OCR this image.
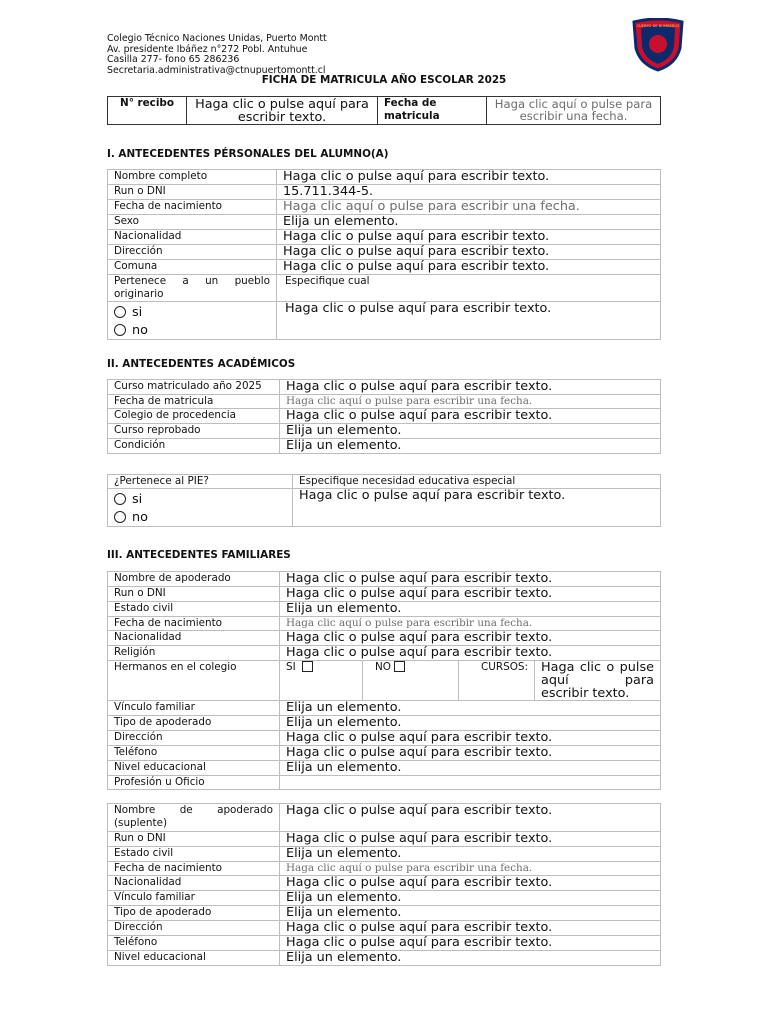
Colegio Técnico Naciones Unidas, Puerto Montt
Av. presidente Ibáñez n°272 Pobl. Antuhue
Casilla 277- fono 65 286236
Secretaria.administrativa@ctnupuertomontt.cl
CUERPO DE BOMBEROS
FICHA DE MATRICULA AÑO ESCOLAR 2025
N° recibo	Haga clic o pulse aquí para escribir texto.	Fecha de matricula	Haga clic aquí o pulse para escribir una fecha.
I. ANTECEDENTES PÉRSONALES DEL ALUMNO(A)
Nombre completo	Haga clic o pulse aquí para escribir texto.
Run o DNI	15.711.344-5.
Fecha de nacimiento	Haga clic aquí o pulse para escribir una fecha.
Sexo	Elija un elemento.
Nacionalidad	Haga clic o pulse aquí para escribir texto.
Dirección	Haga clic o pulse aquí para escribir texto.
Comuna	Haga clic o pulse aquí para escribir texto.

Pertenece a un pueblo
originario	Especifique cual

si
no	Haga clic o pulse aquí para escribir texto.
II. ANTECEDENTES ACADÉMICOS
Curso matriculado año 2025	Haga clic o pulse aquí para escribir texto.
Fecha de matricula	Haga clic aquí o pulse para escribir una fecha.
Colegio de procedencia	Haga clic o pulse aquí para escribir texto.
Curso reprobado	Elija un elemento.
Condición	Elija un elemento.
¿Pertenece al PIE?	Especifique necesidad educativa especial

si
no	Haga clic o pulse aquí para escribir texto.
III. ANTECEDENTES FAMILIARES
Nombre de apoderado	Haga clic o pulse aquí para escribir texto.			
Run o DNI	Haga clic o pulse aquí para escribir texto.			
Estado civil	Elija un elemento.			
Fecha de nacimiento	Haga clic aquí o pulse para escribir una fecha.			
Nacionalidad	Haga clic o pulse aquí para escribir texto.			
Religión	Haga clic o pulse aquí para escribir texto.			
Hermanos en el colegio	SI	NO	CURSOS:	Haga clic o pulse
aquí para
escribir texto.

Vínculo familiar	Elija un elemento.			
Tipo de apoderado	Elija un elemento.			
Dirección	Haga clic o pulse aquí para escribir texto.			
Teléfono	Haga clic o pulse aquí para escribir texto.			
Nivel educacional	Elija un elemento.			
Profesión u Oficio				
Nombre de apoderado
(suplente)	Haga clic o pulse aquí para escribir texto.
Run o DNI	Haga clic o pulse aquí para escribir texto.
Estado civil	Elija un elemento.
Fecha de nacimiento	Haga clic aquí o pulse para escribir una fecha.
Nacionalidad	Haga clic o pulse aquí para escribir texto.
Vínculo familiar	Elija un elemento.
Tipo de apoderado	Elija un elemento.
Dirección	Haga clic o pulse aquí para escribir texto.
Teléfono	Haga clic o pulse aquí para escribir texto.
Nivel educacional	Elija un elemento.
